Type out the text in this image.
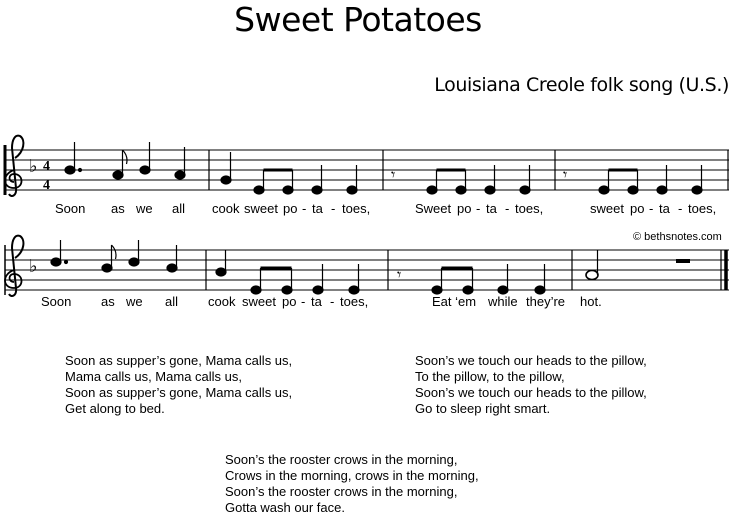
Sweet Potatoes
Louisiana Creole folk song (U.S.)
♭ 4
4
𝄾	𝄾
♭	𝄾
© bethsnotes.com
Soon as we all cook sweet po - ta - toes,	Sweet po - ta - toes,	sweet po - ta - toes,
Soon as we all cook sweet po - ta - toes,	Eat ‘em while they’re hot.
Soon as supper’s gone, Mama calls us,
Mama calls us, Mama calls us,
Soon as supper’s gone, Mama calls us,
Get along to bed.
Soon’s we touch our heads to the pillow,
To the pillow, to the pillow,
Soon’s we touch our heads to the pillow,
Go to sleep right smart.
Soon’s the rooster crows in the morning,
Crows in the morning, crows in the morning,
Soon’s the rooster crows in the morning,
Gotta wash our face.
